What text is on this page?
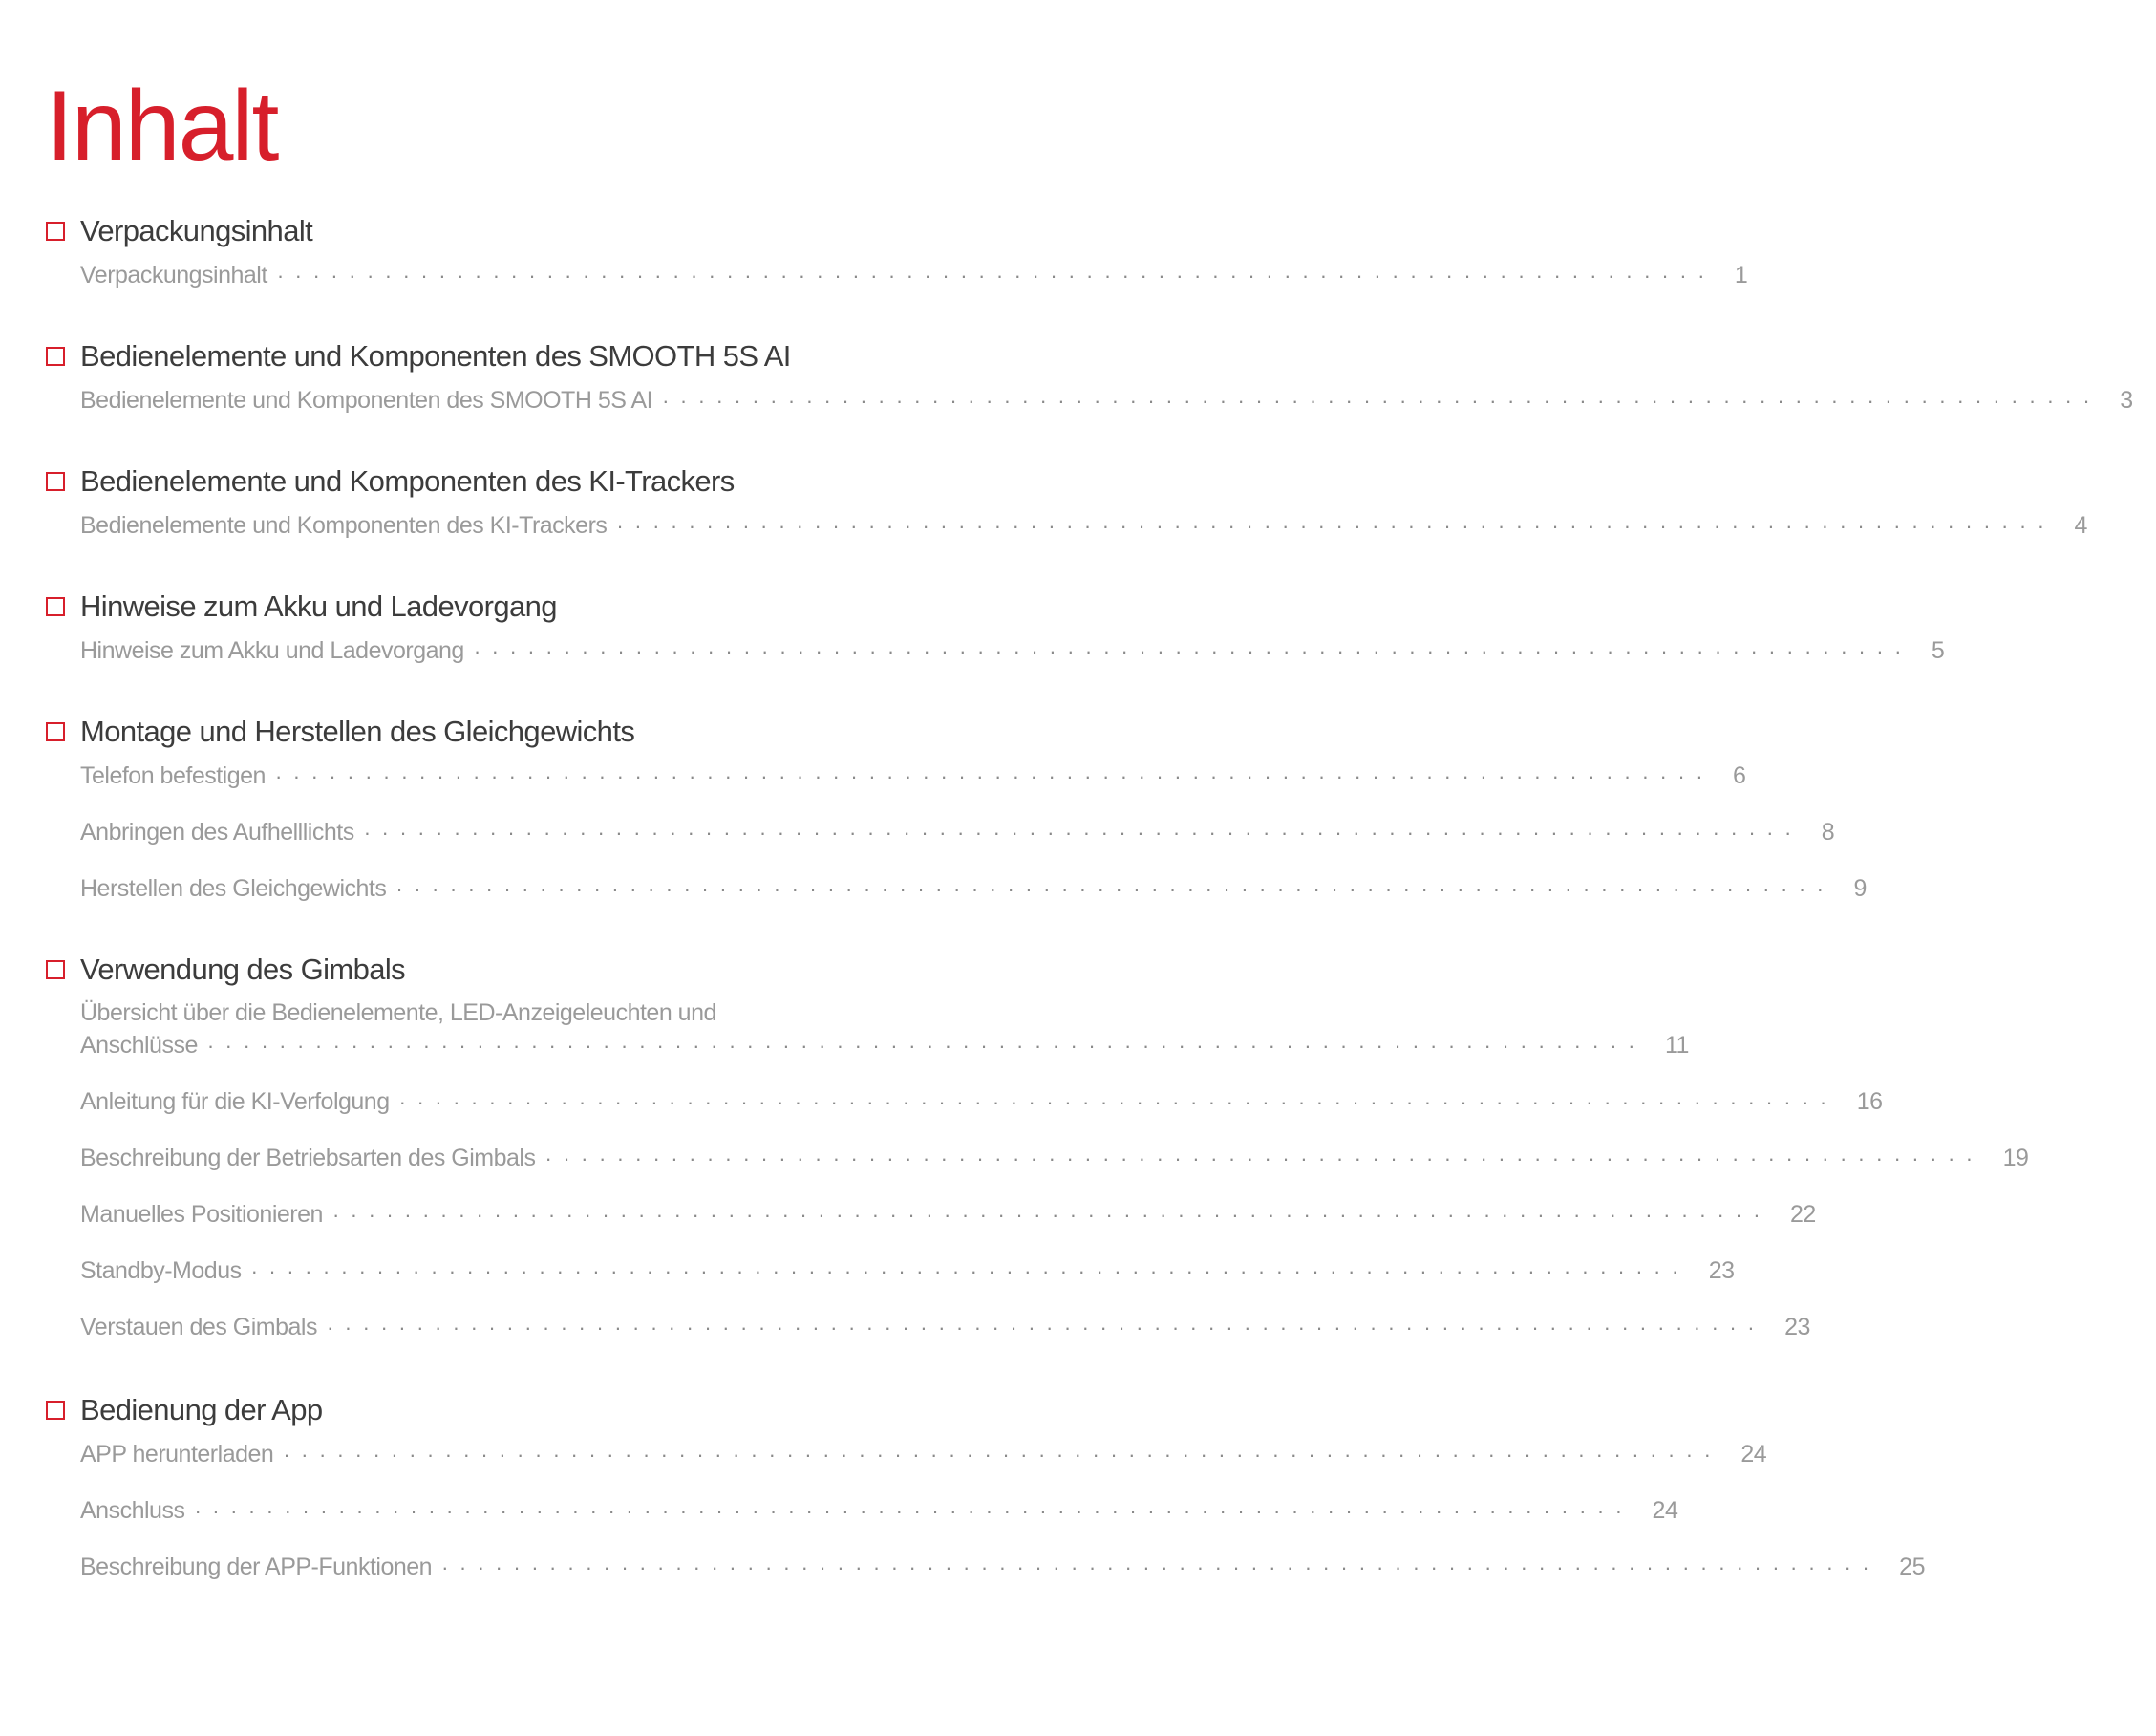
Inhalt
Verpackungsinhalt
Verpackungsinhalt ················································································ 1
Bedienelemente und Komponenten des SMOOTH 5S AI
Bedienelemente und Komponenten des SMOOTH 5S AI ················································································ 3
Bedienelemente und Komponenten des KI-Trackers
Bedienelemente und Komponenten des KI-Trackers ················································································ 4
Hinweise zum Akku und Ladevorgang
Hinweise zum Akku und Ladevorgang ················································································ 5
Montage und Herstellen des Gleichgewichts
Telefon befestigen ················································································ 6
Anbringen des Aufhelllichts ················································································ 8
Herstellen des Gleichgewichts ················································································ 9
Verwendung des Gimbals
Übersicht über die Bedienelemente, LED-Anzeigeleuchten und
Anschlüsse ················································································ 11
Anleitung für die KI-Verfolgung ················································································ 16
Beschreibung der Betriebsarten des Gimbals ················································································ 19
Manuelles Positionieren ················································································ 22
Standby-Modus ················································································ 23
Verstauen des Gimbals ················································································ 23
Bedienung der App
APP herunterladen ················································································ 24
Anschluss ················································································ 24
Beschreibung der APP-Funktionen ················································································ 25
